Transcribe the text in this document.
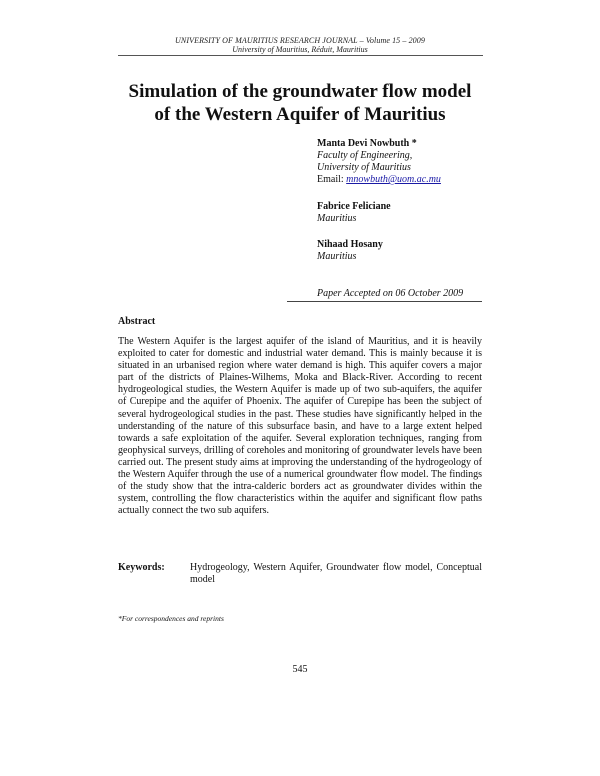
UNIVERSITY OF MAURITIUS RESEARCH JOURNAL – Volume 15 – 2009
University of Mauritius, Réduit, Mauritius
Simulation of the groundwater flow model
of the Western Aquifer of Mauritius
Manta Devi Nowbuth *
Faculty of Engineering,
University of Mauritius
Email: mnowbuth@uom.ac.mu
Fabrice Feliciane
Mauritius
Nihaad Hosany
Mauritius
Paper Accepted on 06 October 2009
Abstract
The Western Aquifer is the largest aquifer of the island of Mauritius, and it is heavily exploited to cater for domestic and industrial water demand. This is mainly because it is situated in an urbanised region where water demand is high. This aquifer covers a major part of the districts of Plaines-Wilhems, Moka and Black-River. According to recent hydrogeological studies, the Western Aquifer is made up of two sub-aquifers, the aquifer of Curepipe and the aquifer of Phoenix. The aquifer of Curepipe has been the subject of several hydrogeological studies in the past. These studies have significantly helped in the understanding of the nature of this subsurface basin, and have to a large extent helped towards a safe exploitation of the aquifer. Several exploration techniques, ranging from geophysical surveys, drilling of coreholes and monitoring of groundwater levels have been carried out. The present study aims at improving the understanding of the hydrogeology of the Western Aquifer through the use of a numerical groundwater flow model. The findings of the study show that the intra-calderic borders act as groundwater divides within the system, controlling the flow characteristics within the aquifer and significant flow paths actually connect the two sub aquifers.
Keywords:	Hydrogeology, Western Aquifer, Groundwater flow model, Conceptual model
*For correspondences and reprints
545
